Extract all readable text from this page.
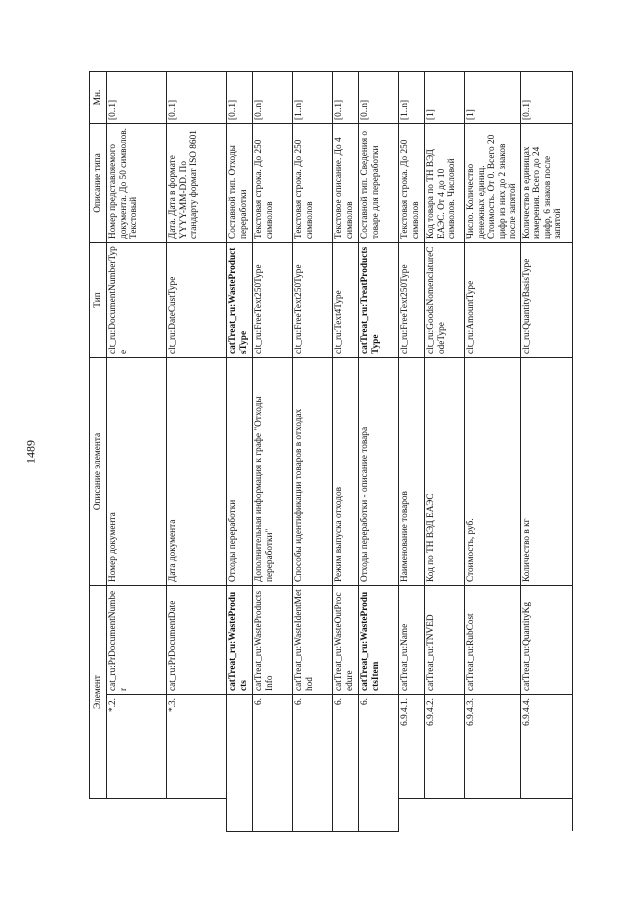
1489
	Элемент		Описание элемента	Тип	Описание типа	Мн.
	*.2.	cat_ru:PrDocumentNumber	Номер документа	clt_ru:DocumentNumberType	Номер представляемого документа. До 50 символов. Текстовый	[0..1]
	*.3.	cat_ru:PrDocumentDate	Дата документа	clt_ru:DateCustType	Дата. Дата в формате YYYY-MM-DD. По стандарту формат ISO 8601	[0..1]
		catTreat_ru:WasteProducts	Отходы переработки	catTreat_ru:WasteProductsType	Составной тип. Отходы переработки	[0..1]
6.		catTreat_ru:WasteProductsInfo	Дополнительная информация к графе "Отходы переработки"	clt_ru:FreeText250Type	Текстовая строка. До 250 символов	[0..n]
6.		catTreat_ru:WasteIdentMethod	Способы идентификации товаров в отходах	clt_ru:FreeText250Type	Текстовая строка. До 250 символов	[1..n]
6.		catTreat_ru:WasteOutProcedure	Режим выпуска отходов	clt_ru:Text4Type	Текстовое описание. До 4 символов	[0..1]
6.		catTreat_ru:WasteProductsItem	Отходы переработки - описание товара	catTreat_ru:TreatProductsType	Составной тип. Сведения о товаре для переработки	[0..n]
	6.9.4.1.	catTreat_ru:Name	Наименование товаров	clt_ru:FreeText250Type	Текстовая строка. До 250 символов	[1..n]
	6.9.4.2.	catTreat_ru:TNVED	Код по ТН ВЭД ЕАЭС	clt_ru:GoodsNomenclatureCodeType	Код товара по ТН ВЭД ЕАЭС. От 4 до 10 символов. Числовой	[1]
	6.9.4.3.	catTreat_ru:RubCost	Стоимость, руб.	clt_ru:AmountType	Число. Количество денежных единиц. Стоимость. От 0. Всего 20 цифр из них до 2 знаков после запятой	[1]
	6.9.4.4.	catTreat_ru:QuantityKg	Количество в кг	clt_ru:QuantityBasisType	Количество в единицах измерения. Всего до 24 цифр, 6 знаков после запятой	[0..1]
